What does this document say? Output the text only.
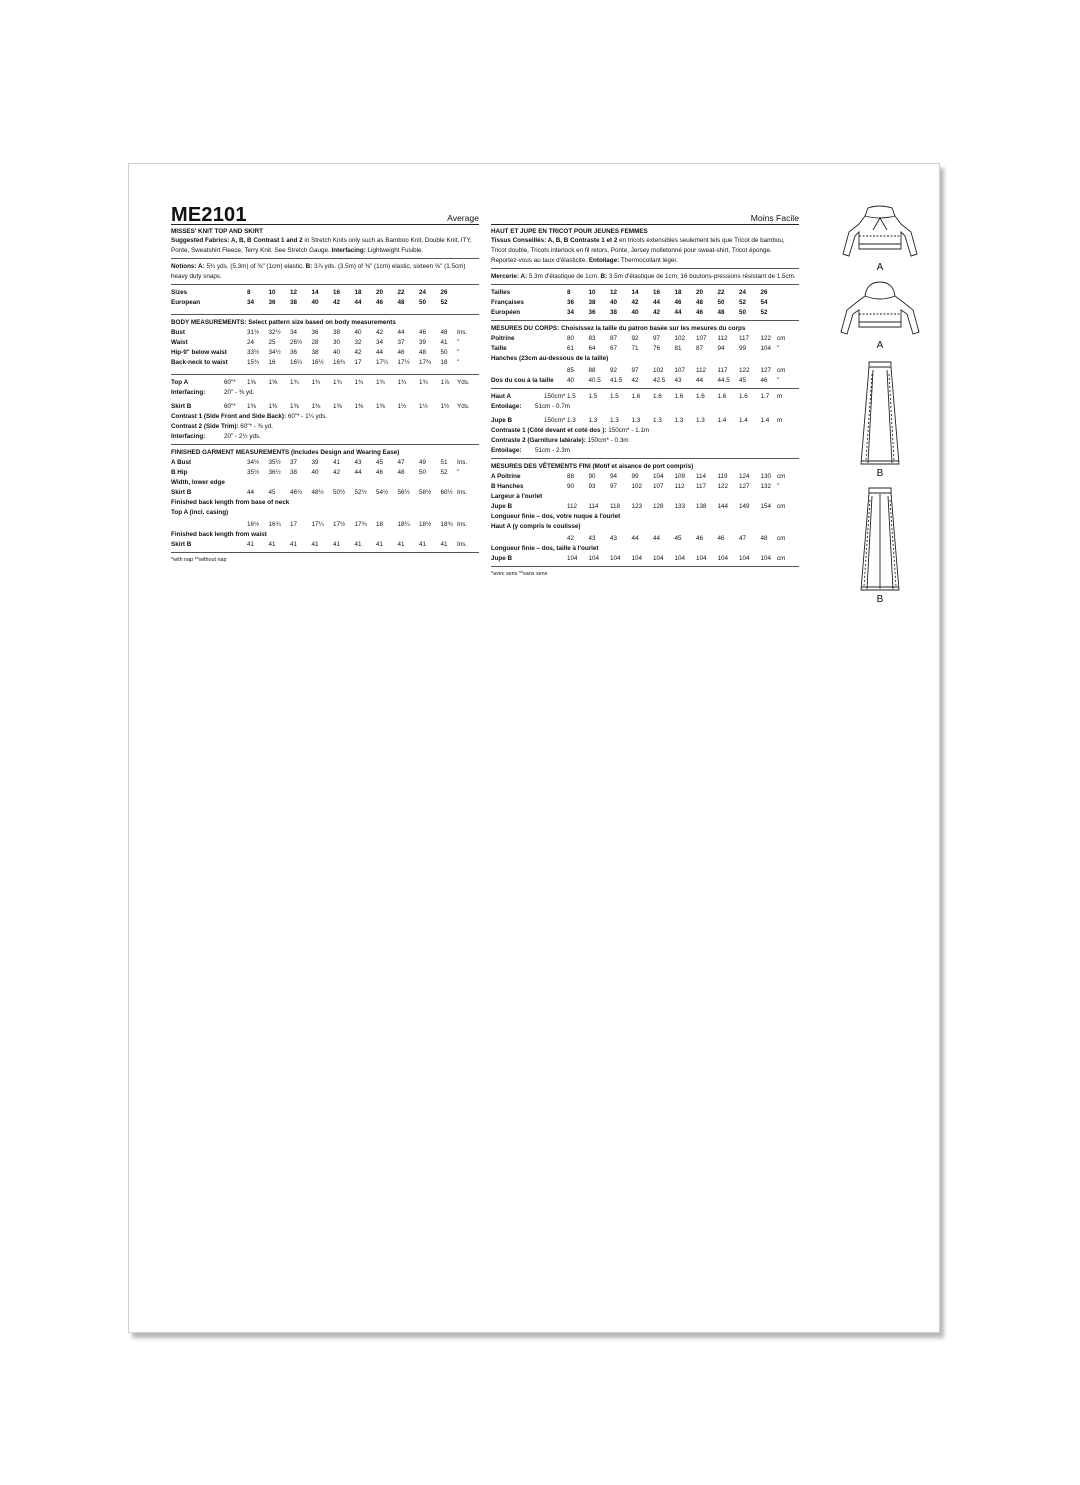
ME2101	Average
MISSES' KNIT TOP AND SKIRT
Suggested Fabrics: A, B, B Contrast 1 and 2 in Stretch Knits only such as Bamboo Knit, Double Knit, ITY, Ponte, Sweatshirt Fleece, Terry Knit. See Stretch Gauge. Interfacing: Lightweight Fusible.
Notions: A: 5¾ yds. (5.3m) of ⅜" (1cm) elastic. B: 3⅞ yds. (3.5m) of ⅜" (1cm) elastic, sixteen ⅝" (1.5cm) heavy duty snaps.
Sizes	8	10	12	14	16	18	20	22	24	26
European	34	36	38	40	42	44	46	48	50	52
BODY MEASUREMENTS: Select pattern size based on body measurements
Bust	31½	32½	34	36	38	40	42	44	46	48	Ins.
Waist	24	25	26½	28	30	32	34	37	39	41	"
Hip-9" below waist	33½	34½	36	38	40	42	44	46	48	50	"
Back-neck to waist	15¾	16	16¼	16½	16¾	17	17¼	17½	17¾	18	"
Top A	60"*	1⅝	1⅝	1¾	1¾	1¾	1¾	1¾	1¾	1¾	1⅞	Yds.
Interfacing:	20" - ⅜ yd.
Skirt B	60"*	1⅜	1⅜	1⅜	1⅜	1⅜	1⅜	1⅜	1½	1½	1½	Yds.
Contrast 1 (Side Front and Side Back): 60"* - 1¼ yds.
Contrast 2 (Side Trim): 60"* - ⅜ yd.
Interfacing:	20" - 2½ yds.
FINISHED GARMENT MEASUREMENTS (Includes Design and Wearing Ease)
A Bust	34½	35½	37	39	41	43	45	47	49	51	Ins.
B Hip	35½	36½	38	40	42	44	46	48	50	52	"
Width, lower edge
Skirt B	44	45	46½	48½	50½	52½	54½	56½	58½	60½ Ins.
Finished back length from base of neck
Top A (incl. casing)
16½	16¾	17	17¼	17½	17¾	18	18¼	18½	18¾ Ins.
Finished back length from waist
Skirt B	41	41	41	41	41	41	41	41	41	41	Ins.
*with nap **without nap
Moins Facile
HAUT ET JUPE EN TRICOT POUR JEUNES FEMMES
Tissus Conseillés: A, B, B Contraste 1 et 2 en tricots extensibles seulement tels que Tricot de bambou, Tricot double, Tricots interlock en fil retors, Ponte, Jersey molletonné pour sweat-shirt, Tricot éponge. Reportez-vous au taux d'élasticité. Entoilage: Thermocollant léger.
Mercerie: A: 5.3m d'élastique de 1cm. B: 3.5m d'élastique de 1cm, 16 boutons-pressions résistant de 1.5cm.
Tailles	8	10	12	14	16	18	20	22	24	26
Françaises	36	38	40	42	44	46	48	50	52	54
Européen	34	36	38	40	42	44	46	48	50	52
MESURES DU CORPS: Choisissez la taille du patron basée sur les mesures du corps
Poitrine	80	83	87	92	97	102	107	112	117	122 cm
Taille	61	64	67	71	76	81	87	94	99	104 "
Hanches (23cm au-dessous de la taille)
85	88	92	97	102	107	112	117	122	127 cm
Dos du cou à la taille 40	40.5	41.5	42	42.5	43	44	44.5	45	46	"
Haut A	150cm* 1.5	1.5	1.5	1.6	1.6	1.6	1.6	1.6	1.6	1.7	m
Entoilage: 51cm - 0.7m
Jupe B	150cm* 1.3	1.3	1.3	1.3	1.3	1.3	1.3	1.4	1.4	1.4	m
Contraste 1 (Côté devant et coté dos ): 150cm* - 1.1m
Contraste 2 (Garniture latérale): 150cm* - 0.3m
Entoilage: 51cm - 2.3m
MESURES DES VÊTEMENTS FINI (Motif et aisance de port compris)
A Poitrine	88	90	94	99	104	109	114	119	124	130 cm
B Hanches	90	93	97	102	107	112	117	122	127	132 "
Largeur à l'ourlet
Jupe B	112	114	118	123	128	133	138	144	149	154 cm
Longueur finie – dos, votre nuque à l'ourlet
Haut A (y compris le coulisse)
42	43	43	44	44	45	46	46	47	48	cm
Longueur finie – dos, taille à l'ourlet
Jupe B	104	104	104	104	104	104	104	104	104	104 cm
*avec sens **sans sens
A
A
B
B
